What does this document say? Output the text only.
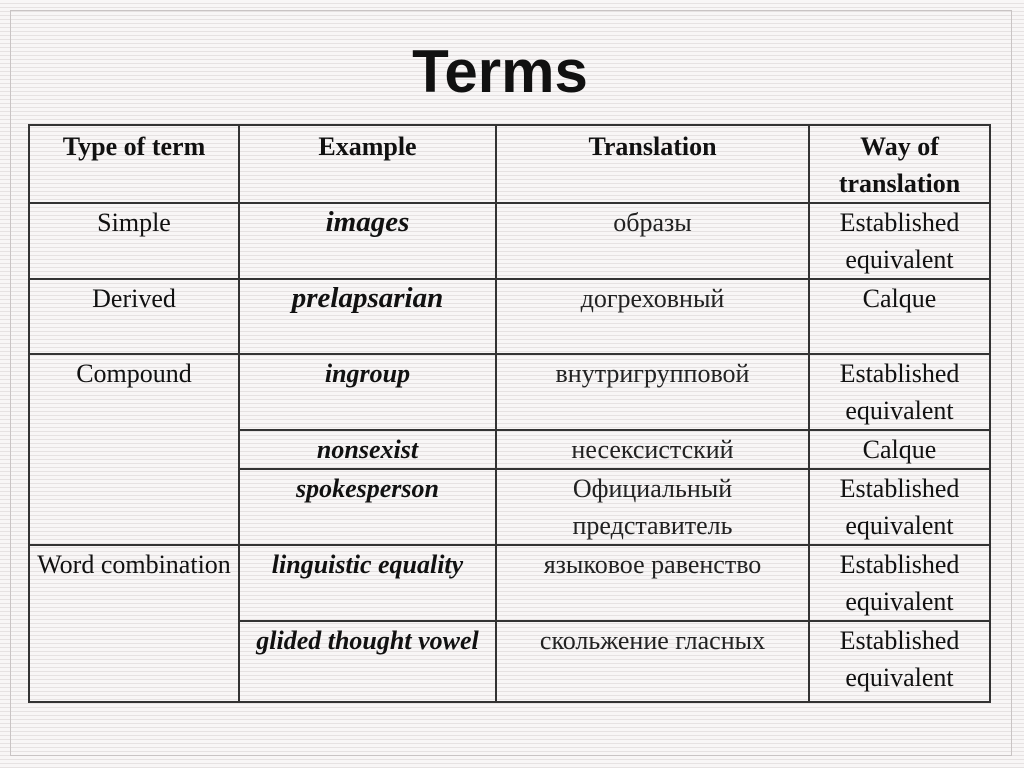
Terms
Type of term	Example	Translation	Way of translation
Simple	images	образы	Established equivalent
Derived	prelapsarian	догреховный	Calque
Compound	ingroup	внутригрупповой	Established equivalent
	nonsexist	несексистский	Calque
	spokesperson	Официальный представитель	Established equivalent
Word combination	linguistic equality	языковое равенство	Established equivalent
	glided thought vowel	скольжение гласных	Established equivalent
